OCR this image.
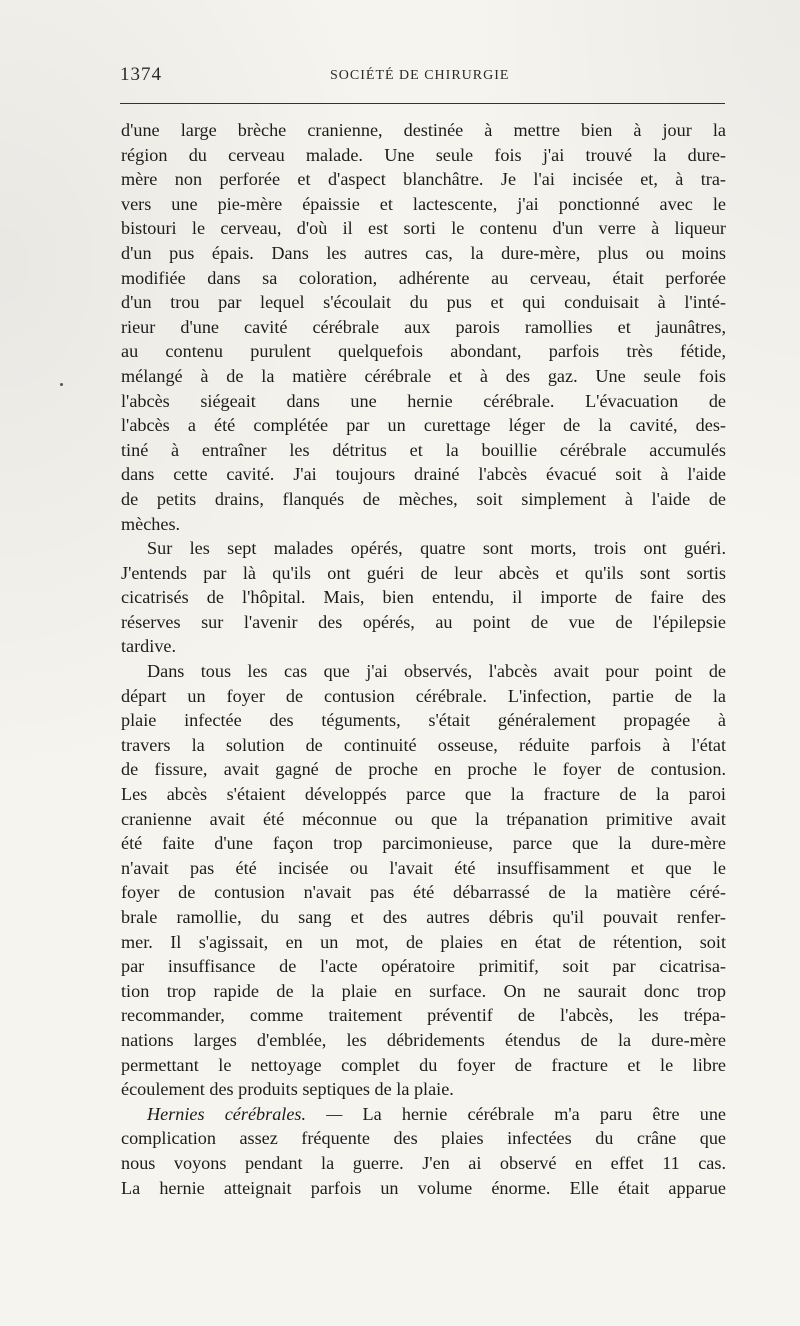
1374	SOCIÉTÉ DE CHIRURGIE
d'une large brèche cranienne, destinée à mettre bien à jour la
région du cerveau malade. Une seule fois j'ai trouvé la dure-
mère non perforée et d'aspect blanchâtre. Je l'ai incisée et, à tra-
vers une pie-mère épaissie et lactescente, j'ai ponctionné avec le
bistouri le cerveau, d'où il est sorti le contenu d'un verre à liqueur
d'un pus épais. Dans les autres cas, la dure-mère, plus ou moins
modifiée dans sa coloration, adhérente au cerveau, était perforée
d'un trou par lequel s'écoulait du pus et qui conduisait à l'inté-
rieur d'une cavité cérébrale aux parois ramollies et jaunâtres,
au contenu purulent quelquefois abondant, parfois très fétide,
mélangé à de la matière cérébrale et à des gaz. Une seule fois
l'abcès siégeait dans une hernie cérébrale. L'évacuation de
l'abcès a été complétée par un curettage léger de la cavité, des-
tiné à entraîner les détritus et la bouillie cérébrale accumulés
dans cette cavité. J'ai toujours drainé l'abcès évacué soit à l'aide
de petits drains, flanqués de mèches, soit simplement à l'aide de
mèches.
Sur les sept malades opérés, quatre sont morts, trois ont guéri.
J'entends par là qu'ils ont guéri de leur abcès et qu'ils sont sortis
cicatrisés de l'hôpital. Mais, bien entendu, il importe de faire des
réserves sur l'avenir des opérés, au point de vue de l'épilepsie
tardive.
Dans tous les cas que j'ai observés, l'abcès avait pour point de
départ un foyer de contusion cérébrale. L'infection, partie de la
plaie infectée des téguments, s'était généralement propagée à
travers la solution de continuité osseuse, réduite parfois à l'état
de fissure, avait gagné de proche en proche le foyer de contusion.
Les abcès s'étaient développés parce que la fracture de la paroi
cranienne avait été méconnue ou que la trépanation primitive avait
été faite d'une façon trop parcimonieuse, parce que la dure-mère
n'avait pas été incisée ou l'avait été insuffisamment et que le
foyer de contusion n'avait pas été débarrassé de la matière céré-
brale ramollie, du sang et des autres débris qu'il pouvait renfer-
mer. Il s'agissait, en un mot, de plaies en état de rétention, soit
par insuffisance de l'acte opératoire primitif, soit par cicatrisa-
tion trop rapide de la plaie en surface. On ne saurait donc trop
recommander, comme traitement préventif de l'abcès, les trépa-
nations larges d'emblée, les débridements étendus de la dure-mère
permettant le nettoyage complet du foyer de fracture et le libre
écoulement des produits septiques de la plaie.
Hernies cérébrales. — La hernie cérébrale m'a paru être une
complication assez fréquente des plaies infectées du crâne que
nous voyons pendant la guerre. J'en ai observé en effet 11 cas.
La hernie atteignait parfois un volume énorme. Elle était apparue
